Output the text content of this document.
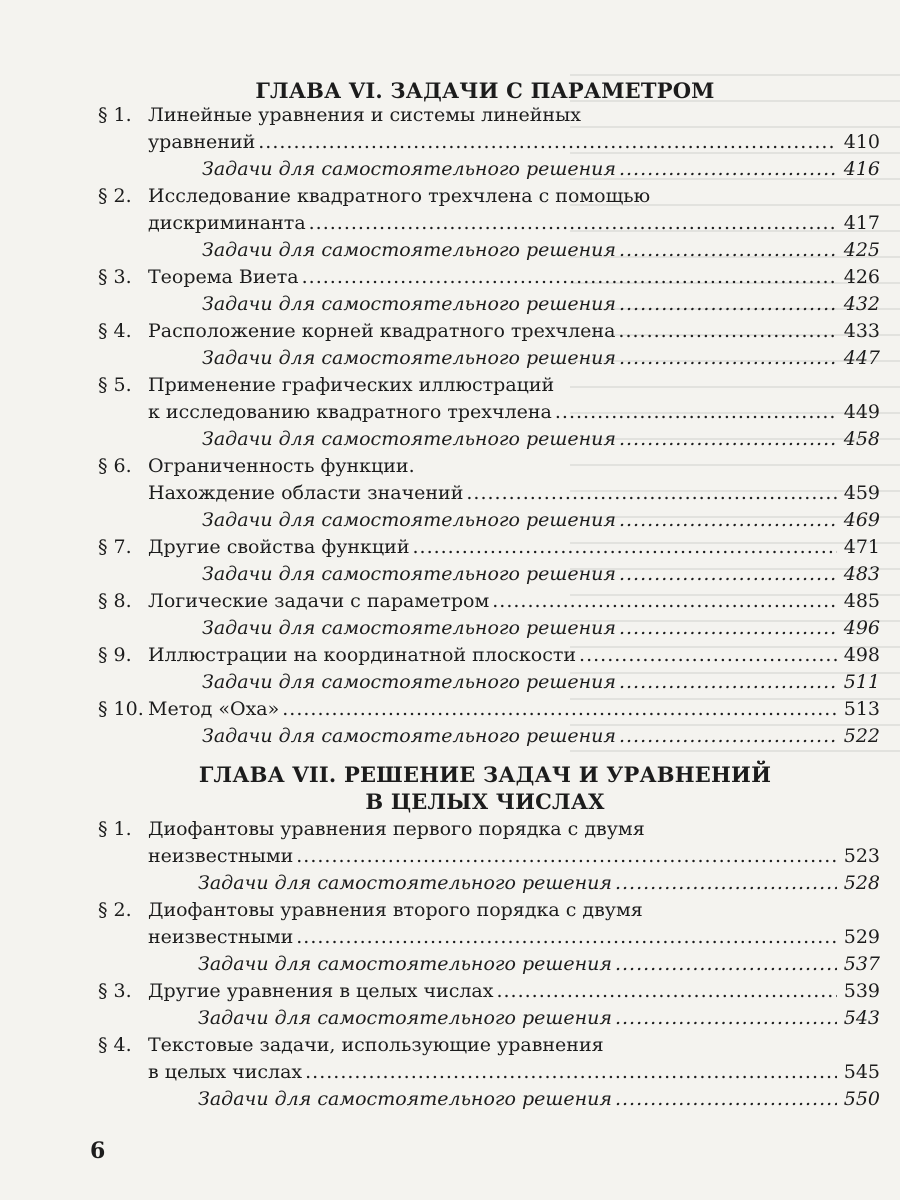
ГЛАВА VI. ЗАДАЧИ С ПАРАМЕТРОМ
§ 1. Линейные уравнения и системы линейных
уравнений .....	410
Задачи для самостоятельного решения .....	416
§ 2. Исследование квадратного трехчлена с помощью
дискриминанта .....	417
Задачи для самостоятельного решения .....	425
§ 3. Теорема Виета .....	426
Задачи для самостоятельного решения .....	432
§ 4. Расположение корней квадратного трехчлена .....	433
Задачи для самостоятельного решения .....	447
§ 5. Применение графических иллюстраций
к исследованию квадратного трехчлена .....	449
Задачи для самостоятельного решения .....	458
§ 6. Ограниченность функции.
Нахождение области значений .....	459
Задачи для самостоятельного решения .....	469
§ 7. Другие свойства функций .....	471
Задачи для самостоятельного решения .....	483
§ 8. Логические задачи с параметром .....	485
Задачи для самостоятельного решения .....	496
§ 9. Иллюстрации на координатной плоскости .....	498
Задачи для самостоятельного решения .....	511
§ 10. Метод «Оха» .....	513
Задачи для самостоятельного решения .....	522
ГЛАВА VII. РЕШЕНИЕ ЗАДАЧ И УРАВНЕНИЙ
В ЦЕЛЫХ ЧИСЛАХ
§ 1. Диофантовы уравнения первого порядка с двумя
неизвестными .....	523
Задачи для самостоятельного решения .....	528
§ 2. Диофантовы уравнения второго порядка с двумя
неизвестными .....	529
Задачи для самостоятельного решения .....	537
§ 3. Другие уравнения в целых числах .....	539
Задачи для самостоятельного решения .....	543
§ 4. Текстовые задачи, использующие уравнения
в целых числах .....	545
Задачи для самостоятельного решения .....	550
6
